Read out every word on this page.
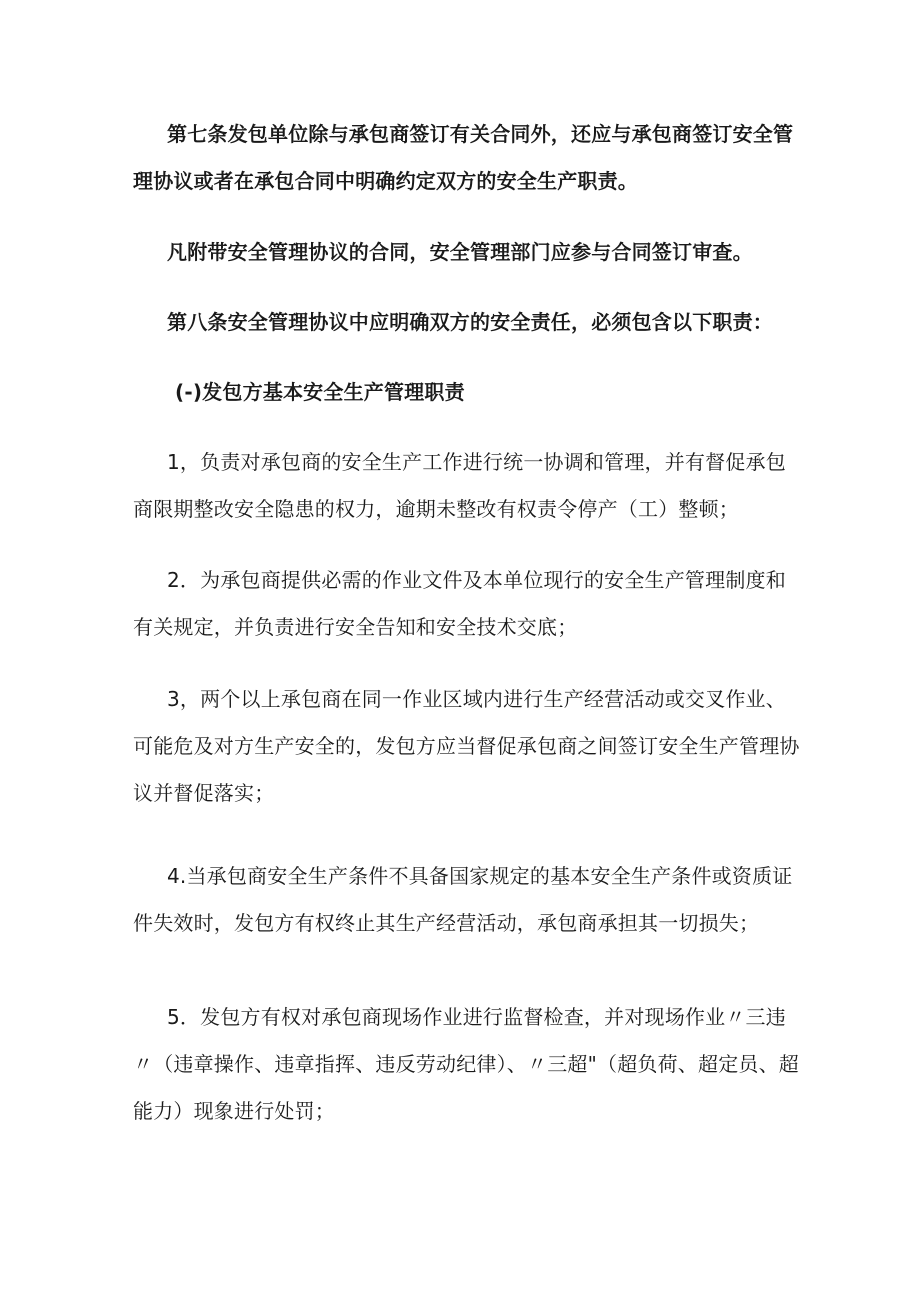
第七条发包单位除与承包商签订有关合同外，还应与承包商签订安全管理协议或者在承包合同中明确约定双方的安全生产职责。

凡附带安全管理协议的合同，安全管理部门应参与合同签订审查。

第八条安全管理协议中应明确双方的安全责任，必须包含以下职责：

(-)发包方基本安全生产管理职责

1，负责对承包商的安全生产工作进行统一协调和管理，并有督促承包商限期整改安全隐患的权力，逾期未整改有权责令停产（工）整顿；

2．为承包商提供必需的作业文件及本单位现行的安全生产管理制度和有关规定，并负责进行安全告知和安全技术交底；

3，两个以上承包商在同一作业区域内进行生产经营活动或交叉作业、可能危及对方生产安全的，发包方应当督促承包商之间签订安全生产管理协议并督促落实；

4.当承包商安全生产条件不具备国家规定的基本安全生产条件或资质证件失效时，发包方有权终止其生产经营活动，承包商承担其一切损失；

5．发包方有权对承包商现场作业进行监督检查，并对现场作业〃三违〃（违章操作、违章指挥、违反劳动纪律）、〃三超"（超负荷、超定员、超能力）现象进行处罚；
